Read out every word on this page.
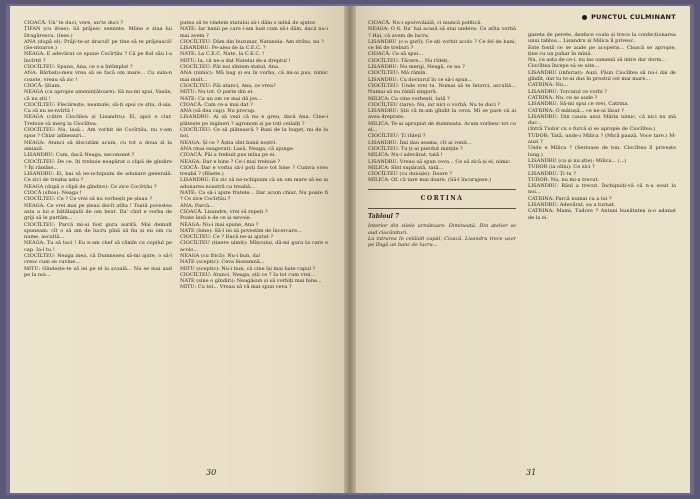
CIOACĂ: Un' te duci, vere, un'te duci ?

ȚIFAN (cu ifose): Să prăjesc seminte. Mîine e ziua lui Dragărescu. (Iese.)

ANA (după el): Prăji-te-ar dracul! pe tine să te prăjească! (Se-ntoarce.)

NEAGA: E adevărat ce spune Cocîrțău ? Că pe fiul său l-a învîrtit ?

CIOCÎLTEU: Spune, Ana, ce s-a întîmplat ?

ANA: Bărbatu-meu vrea să se facă om mare... Cu sula-n coaste, vreau să zic !

CIOCĂ: Știam.

NEAGA (ca apropie amenințătoare): Să nu-mi spui, Vasile, că nu știi !

CIOCÎLTEU: Flecărește, neamule, să-ți spui ce știu, d-aia. Ca să nu se-nvîrtă !

NEAGA (către Cioclilea și Lisandru): Ei, apoi e clar. Trebuie să merg la Ciocîltea.

CIOCÎLTEU: Nu, lasă... Am vorbit de Cocîrțău, nu v-am spus ? Chiar adineauri...

NEAGA: Atunci să discutăm acum, cu tot a doua zi la amiază.

LISANDRU: Cum, dacă Neaga, neconsent ?

CIOCÎLTEU: De ce, îți trebuie neapărat o clipă de gîndire ? Îți rămîne...

LISANDRU: Ei, bai să ne-nchipuim de adunare generală. Ce zici de treaba asta ?

NEAGA (după o clipă de gîndire): Ce zice Cocîrțău ?

CIOCĂ (sfios): Neaga !

CIOCÎLTEU: Ce ? Ce vrei să nu vorbești pe șleau ?

NEAGA: Ce vrei mai pe șleau decît atîta ! Toată povestea asta a lui e bătăliajală de om beat. Da' cînd e vorba de griji să le purtăm...

CIOCÎLTEU: Parcă mi-ai fost gura aurită. Mai demult spuneam: cît o să am de lucru pînă să fiu și eu om cu nume, ascultă...

NEAGA: Tu să taci ! Eu n-am chef să rămîn cu copilul pe cap. Ia-l tu !

CIOCÎLTEU: Neaga mea, că Dumnezeu să-mi ajute, o să-l cresc cum se cuvine...

MITU: Gîndește-te să iei pe el la școală... Nu se mai aud pe la noi...

putea să te vindem statului să-i dăm o mînă de ajutor.

NATE: Iar banii pe care i-am luat cum să-i dăm, dacă nu-i mai avem ?

CIOCÎLTEU: Dăm din buzunar, Natanela. Am strîns, nu ?

LISANDRU: Pe-alea de la C.E.C. ?

NATE: La C.E.C. Nate, la C.E.C. !

MITU: Ia, că ne-a dat Natelui de-a dreptul !

CIOCÎLTEU: Păi noi sîntem statul, Ana.

ANA (nimic): Mă bag și eu în vorba, că mi-ai pus, nimic mai mult...

CIOCÎLTEU: Păi atunci, Ana, ce vrea?

MITU: Nu tot. O parte din el.

NATE: Ca un om ce mai dă jos...

CIOACĂ: Cam ce-a mai dat ?

ANA (să dea cap): Nu precup.

LISANDRU: Ai să vezi că nu e greu, dacă Ana. Cine-i plătește pe ingineri ? agronom și pe toți ceilalți ?

CIOCÎLTEU: Ce să plătească ? Bani de la buget, nu de la noi.

NEAGA: Și ce ? Ăștia sînt banii noștri.

ANA (mai exagerat): Lasă, Neaga, că ajunge.

CIOACĂ: Păi a trebuit pus mîna pe ei.

NEAGA: Dar e bine ? Ce-i mai trebuie ?

CIOCĂ: Dar e vorba să-l poți face tot bine ? Cumva vreo treabă ? (Rîsete.)

LISANDRU: Eu zic să ne-nchipuim că un om mare să ne ia adunarea noastră ca treabă...

NATE: Ca să-i ajute fratele... Dar acum chiar. Nu poate fi ? Ce zice Cocîrțău ?

ANA: Parcă...

CIOACĂ: Lisandre, vrei să repeți ?

Poate însă e de ce și nevoie.

NEAGA: Nu-i mai spune, Ana ?

NATE (bine): Să-l iei să povestim de încercare...

CIOCÎLTEU: Ce ? Dacă ne-ai ajutat ?

CIOCÎLTEU (tinere uimit): Mîncului, dă-mi gura ta care e acolo...

NEAGA (cu frică): Nu-i bun, da!

NATE (sceptic): Ceva înseamnă...

MITU (sceptic): Nu-i bun, că cine își mai bate capul ?

CIOCÎLTEU: Atunci, Neaga, știi ce ? Ia tot cum vrei...

NATE (sine o gîndiri): Neagăsun și să vorbiți mai bine...

MITU: Cu tot... Vreau să vă mai spun ceva ?

30
PUNCTUL CULMINANT

CIOACĂ: Nu-i sporovăială, ci muncă politică.

NEAGA: O fi. Da' hai acasă să stai undeva. Ce atîta vorbă ? Hai, că avem de lucru.

LISANDRU (c-o gurî): Ce-ați vorbit acolo ? Ce fel de bani, ce fel de treburi ?

CIOACĂ: Ce să spui...

CIOCÎLTEU: Tăcere... Nu rîdeți.

LISANDRU: Nu mergi, Neagă, ce nu ?

CIOCÎLTEU: Mă rămîn.

LISANDRU: Cu doctorul în ce să-i spun...

CIOCÎLTEU: Unde vrei tu. Numai să te întorci, ascultă... Numai să nu rămîi singură.

MILICA: Ca cine vorbești, tată ?

CIOCÎLTEU (tare): Nu, iar nici o vorbă. Nu te duci ?

LISANDRU: Știi că m-am gîndit la ceva. Mi se pare că ai avea dreptate.

MILICA: Te-ai apropiat de dumneata. Acum vorbesc tot cu el...

CIOCÎLTEU: Ți rîdeți ?

LISANDRU: Îmi dau seama, cît ai venit...

CIOCÎLTEU: Tu ți-ai pierdut mințile ?

MILICA: Nu-i adevărat, tată !

LISANDRU: Vreau să spun ceva... Ce să zică și el, nimic.

MILICA: Sînt supărată, tată...

CIOCÎLTEU (cu duioșie): Doare ?

MILICA: Of, că tare mai doare. (Să-l încurajeze.)

CORTINA
Tabloul 7

Interior din zilele următoare. Dimineață. Din atelier se aud ciocănituri.

La intrarea în celălalt capăt, Cioacă. Lisandru trece ușor pe lîngă un banc de lucru...

gazeta de perete, desface coala și trece la confecționarea unui tablou... Lisandru și Milica îl privesc.

Este fostă ce se aude pe acoperiș... Cioacă se apropie, ține cu un pahar în mînă.

Nu, cu asta de ce-i, nu las oamenii să intre dar dorm...

Ciocîltea începe să se uite...

LISANDRU (infuriat): Auzi, Păun Ciocîltea să nu-i dai de gîndit, dar tu te-ai dus în prostul cel mai mare...

CATRINA: Nu...

LISANDRU: Torcatul ce vorbi ?

CATRINA: Nu, ce se aude ?

LISANDRU: Să-mi spui ce vrei, Catrina.

CATRINA: O mătușă... ce ne-ai lăsat ?

LISANDRU: Din cauza unui Mărin nimic, că nici nu mă duc...

(Intră Tudor cu o furcă și se apropie de Ciocîltea.)

TUDOR: Tată, unde-i Milica ? (Mică pauză. Voce tare.) M-auzi ?

Unde e Milica ? (Serioase de ton. Ciocîltea îl privește lung.)

LISANDRU (ca și nu știe): Milica... (...)

TUDOR (ia olliu): Ce zici ?

LISANDRU: Ți tu ?

TUDOR: Nu, nu mi-a trecut.

LISANDRU: Răul a trecut. Închipuiți-vă că n-a sosit la noi...

CATRINA: Parcă numai cu a lui ?

LISANDRU: Adevărat, ea a turnat.

CATRINA: Mami, Tudore ? Antuni bunătatea n-o adunat de la ei.

31
